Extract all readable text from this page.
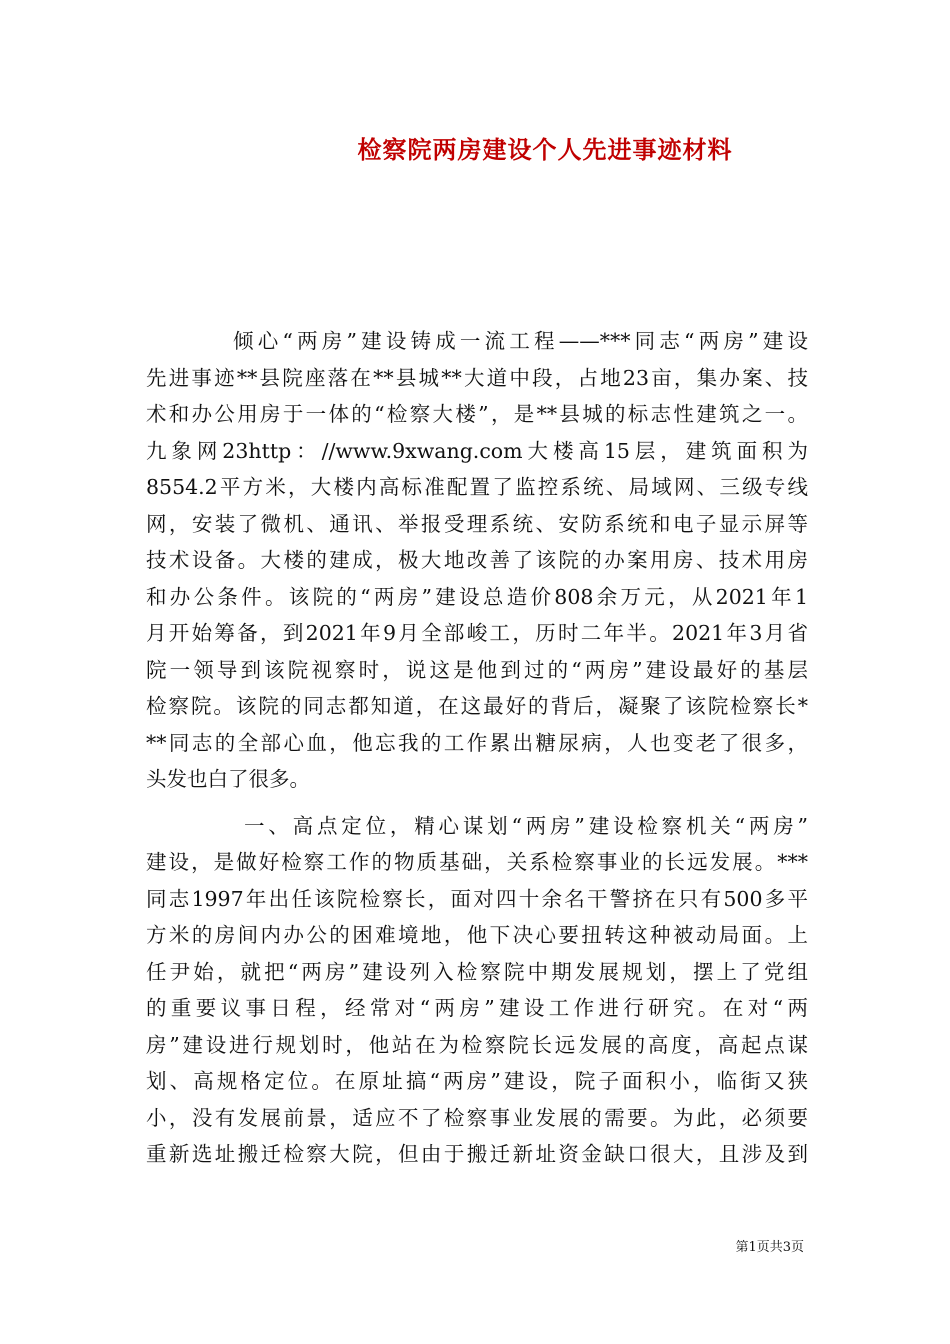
检察院两房建设个人先进事迹材料
倾心“两房”建设铸成一流工程——***同志“两房”建设
先进事迹**县院座落在**县城**大道中段，占地23亩，集办案、技
术和办公用房于一体的“检察大楼”，是**县城的标志性建筑之一。
九象网23http：//www.9xwang.com大楼高15层，建筑面积为
8554.2平方米，大楼内高标准配置了监控系统、局域网、三级专线
网，安装了微机、通讯、举报受理系统、安防系统和电子显示屏等
技术设备。大楼的建成，极大地改善了该院的办案用房、技术用房
和办公条件。该院的“两房”建设总造价808余万元，从2021年1
月开始筹备，到2021年9月全部峻工，历时二年半。2021年3月省
院一领导到该院视察时，说这是他到过的“两房”建设最好的基层
检察院。该院的同志都知道，在这最好的背后，凝聚了该院检察长*
**同志的全部心血，他忘我的工作累出糖尿病，人也变老了很多，
头发也白了很多。
一、高点定位，精心谋划“两房”建设检察机关“两房”
建设，是做好检察工作的物质基础，关系检察事业的长远发展。***
同志1997年出任该院检察长，面对四十余名干警挤在只有500多平
方米的房间内办公的困难境地，他下决心要扭转这种被动局面。上
任尹始，就把“两房”建设列入检察院中期发展规划，摆上了党组
的重要议事日程，经常对“两房”建设工作进行研究。在对“两
房”建设进行规划时，他站在为检察院长远发展的高度，高起点谋
划、高规格定位。在原址搞“两房”建设，院子面积小，临街又狭
小，没有发展前景，适应不了检察事业发展的需要。为此，必须要
重新选址搬迁检察大院，但由于搬迁新址资金缺口很大，且涉及到
第1页共3页
